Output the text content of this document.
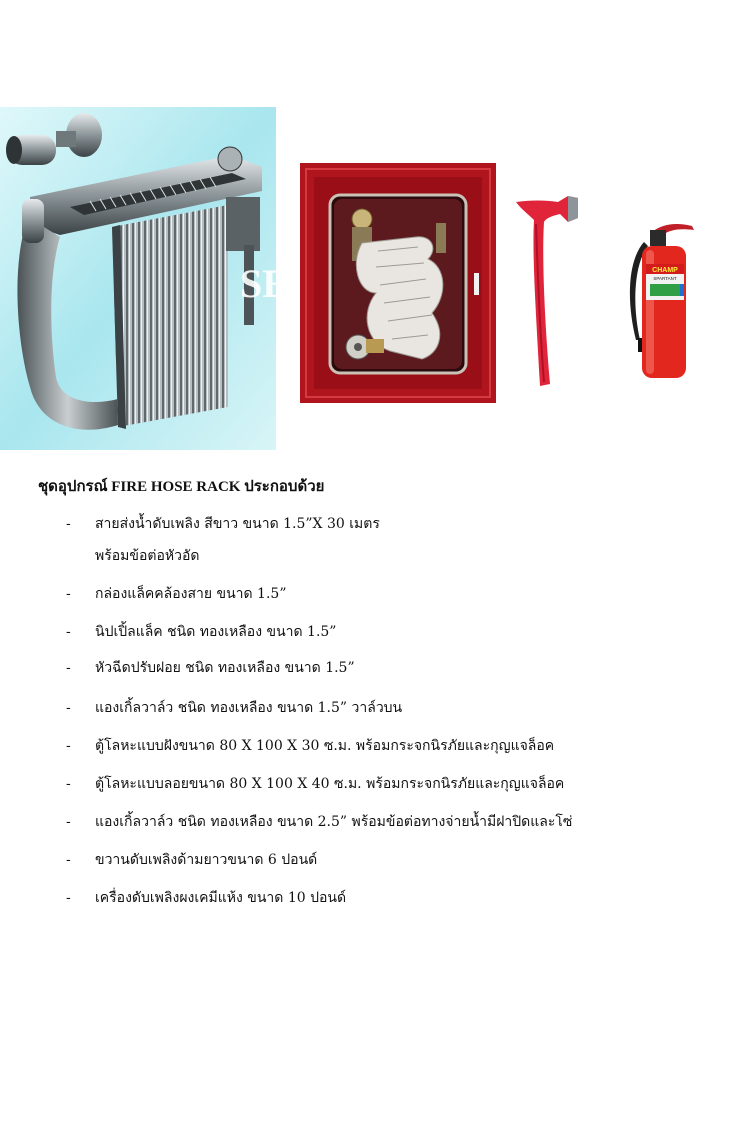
SE	CHAMP
SPARTANT

ชุดอุปกรณ์ FIRE HOSE RACK ประกอบด้วย

- สายส่งน้ำดับเพลิง สีขาว ขนาด 1.5”X 30 เมตร
พร้อมข้อต่อหัวอัด
- กล่องแล็คคล้องสาย ขนาด 1.5”
- นิปเปิ้ลแล็ค ชนิด ทองเหลือง ขนาด 1.5”
- หัวฉีดปรับฝอย ชนิด ทองเหลือง ขนาด 1.5”
- แองเกิ้ลวาล์ว ชนิด ทองเหลือง ขนาด 1.5” วาล์วบน
- ตู้โลหะแบบฝังขนาด 80 X 100 X 30 ซ.ม. พร้อมกระจกนิรภัยและกุญแจล็อค
- ตู้โลหะแบบลอยขนาด 80 X 100 X 40 ซ.ม. พร้อมกระจกนิรภัยและกุญแจล็อค
- แองเกิ้ลวาล์ว ชนิด ทองเหลือง ขนาด 2.5” พร้อมข้อต่อทางจ่ายน้ำมีฝาปิดและโซ่
- ขวานดับเพลิงด้ามยาวขนาด 6 ปอนด์
- เครื่องดับเพลิงผงเคมีแห้ง ขนาด 10 ปอนด์
